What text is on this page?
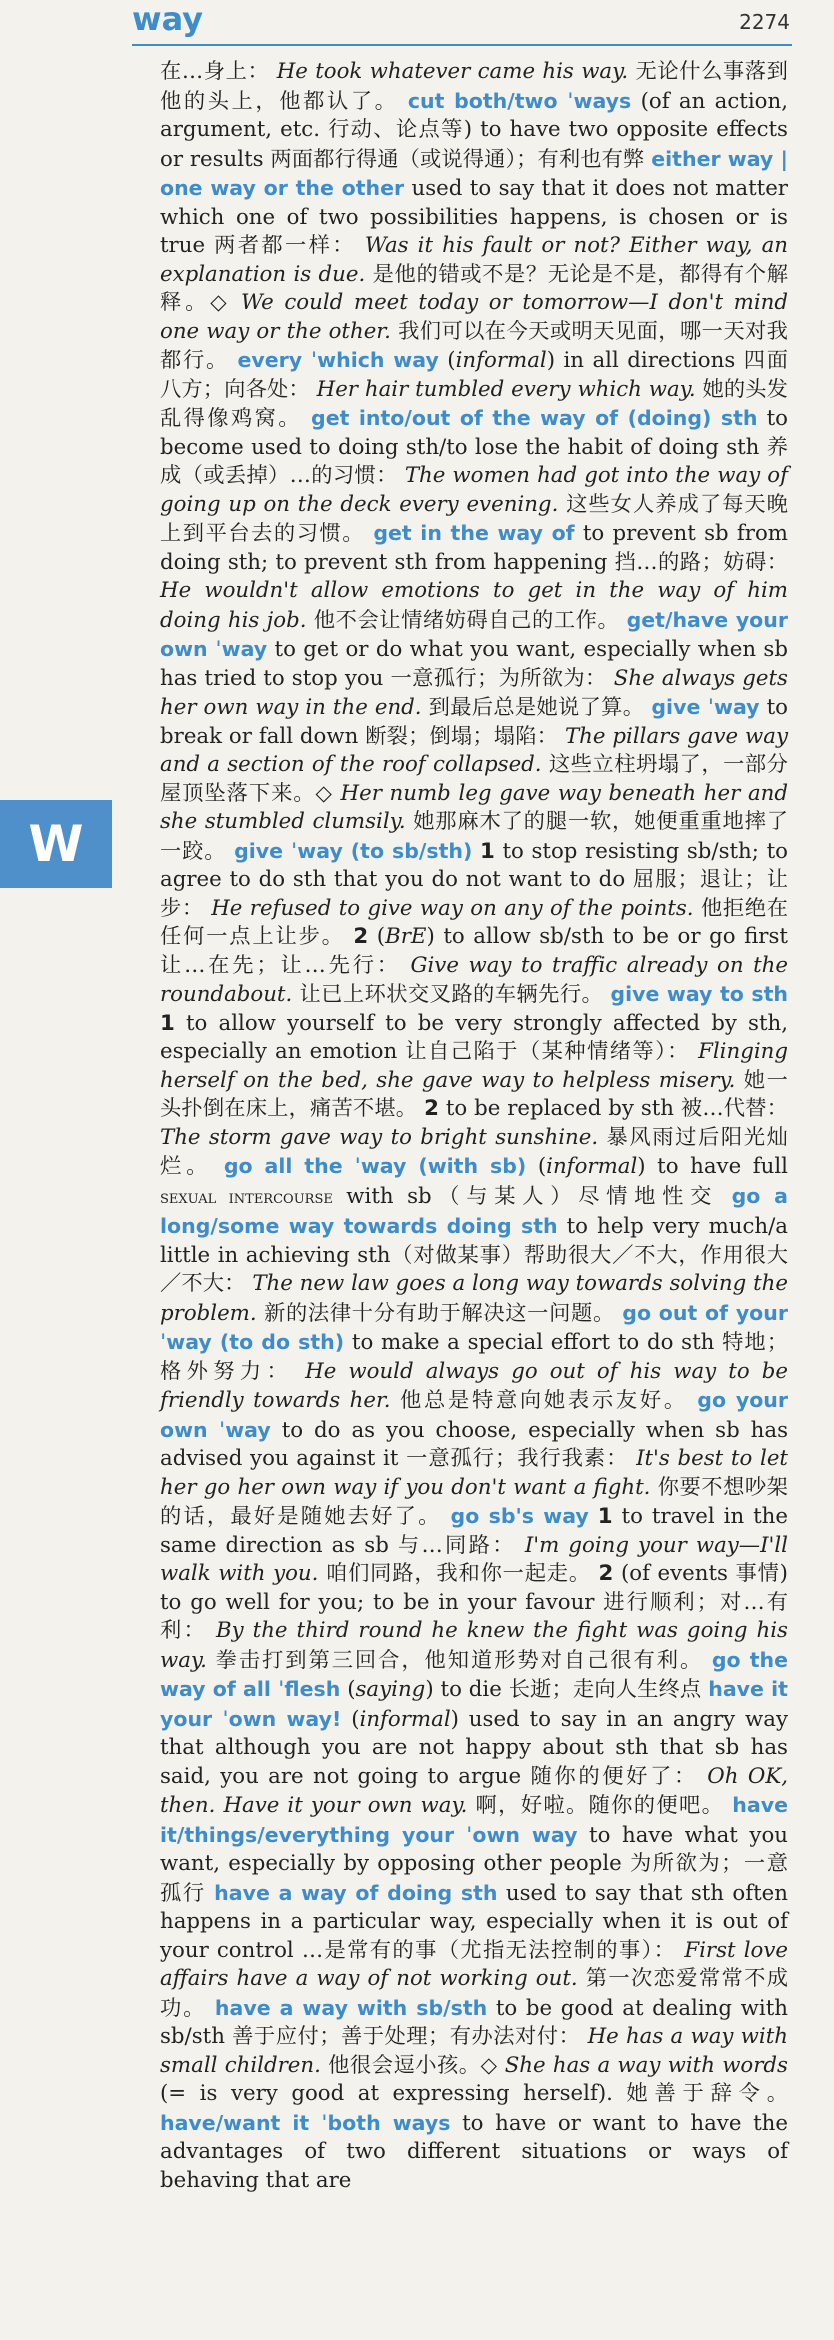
way	2274
W
在…身上： He took whatever came his way. 无论什么事落到他的头上，他都认了。 cut both/two ˈways (of an action, argument, etc. 行动、论点等) to have two opposite effects or results 两面都行得通（或说得通）；有利也有弊 either way | one way or the other used to say that it does not matter which one of two possibilities happens, is chosen or is true 两者都一样： Was it his fault or not? Either way, an explanation is due. 是他的错或不是？无论是不是，都得有个解释。◇ We could meet today or tomorrow—I don't mind one way or the other. 我们可以在今天或明天见面，哪一天对我都行。 every ˈwhich way (informal) in all directions 四面八方；向各处： Her hair tumbled every which way. 她的头发乱得像鸡窝。 get into/out of the way of (doing) sth to become used to doing sth/to lose the habit of doing sth 养成（或丢掉）…的习惯： The women had got into the way of going up on the deck every evening. 这些女人养成了每天晚上到平台去的习惯。 get in the way of to prevent sb from doing sth; to prevent sth from happening 挡…的路；妨碍： He wouldn't allow emotions to get in the way of him doing his job. 他不会让情绪妨碍自己的工作。 get/have your own ˈway to get or do what you want, especially when sb has tried to stop you 一意孤行；为所欲为： She always gets her own way in the end. 到最后总是她说了算。 give ˈway to break or fall down 断裂；倒塌；塌陷： The pillars gave way and a section of the roof collapsed. 这些立柱坍塌了，一部分屋顶坠落下来。◇ Her numb leg gave way beneath her and she stumbled clumsily. 她那麻木了的腿一软，她便重重地摔了一跤。 give ˈway (to sb/sth) 1 to stop resisting sb/sth; to agree to do sth that you do not want to do 屈服；退让；让步： He refused to give way on any of the points. 他拒绝在任何一点上让步。 2 (BrE) to allow sb/sth to be or go first 让…在先；让…先行： Give way to traffic already on the roundabout. 让已上环状交叉路的车辆先行。 give way to sth 1 to allow yourself to be very strongly affected by sth, especially an emotion 让自己陷于（某种情绪等）： Flinging herself on the bed, she gave way to helpless misery. 她一头扑倒在床上，痛苦不堪。 2 to be replaced by sth 被…代替： The storm gave way to bright sunshine. 暴风雨过后阳光灿烂。 go all the ˈway (with sb) (informal) to have full sexual intercourse with sb（与某人）尽情地性交 go a long/some way towards doing sth to help very much/a little in achieving sth（对做某事）帮助很大／不大，作用很大／不大： The new law goes a long way towards solving the problem. 新的法律十分有助于解决这一问题。 go out of your ˈway (to do sth) to make a special effort to do sth 特地；格外努力： He would always go out of his way to be friendly towards her. 他总是特意向她表示友好。 go your own ˈway to do as you choose, especially when sb has advised you against it 一意孤行；我行我素： It's best to let her go her own way if you don't want a fight. 你要不想吵架的话，最好是随她去好了。 go sb's way 1 to travel in the same direction as sb 与…同路： I'm going your way—I'll walk with you. 咱们同路，我和你一起走。 2 (of events 事情) to go well for you; to be in your favour 进行顺利；对…有利： By the third round he knew the fight was going his way. 拳击打到第三回合，他知道形势对自己很有利。 go the way of all ˈflesh (saying) to die 长逝；走向人生终点 have it your ˈown way! (informal) used to say in an angry way that although you are not happy about sth that sb has said, you are not going to argue 随你的便好了： Oh OK, then. Have it your own way. 啊，好啦。随你的便吧。 have it/things/everything your ˈown way to have what you want, especially by opposing other people 为所欲为；一意孤行 have a way of doing sth used to say that sth often happens in a particular way, especially when it is out of your control …是常有的事（尤指无法控制的事）： First love affairs have a way of not working out. 第一次恋爱常常不成功。 have a way with sb/sth to be good at dealing with sb/sth 善于应付；善于处理；有办法对付： He has a way with small children. 他很会逗小孩。◇ She has a way with words (= is very good at expressing herself). 她善于辞令。 have/want it ˈboth ways to have or want to have the advantages of two different situations or ways of behaving that are
